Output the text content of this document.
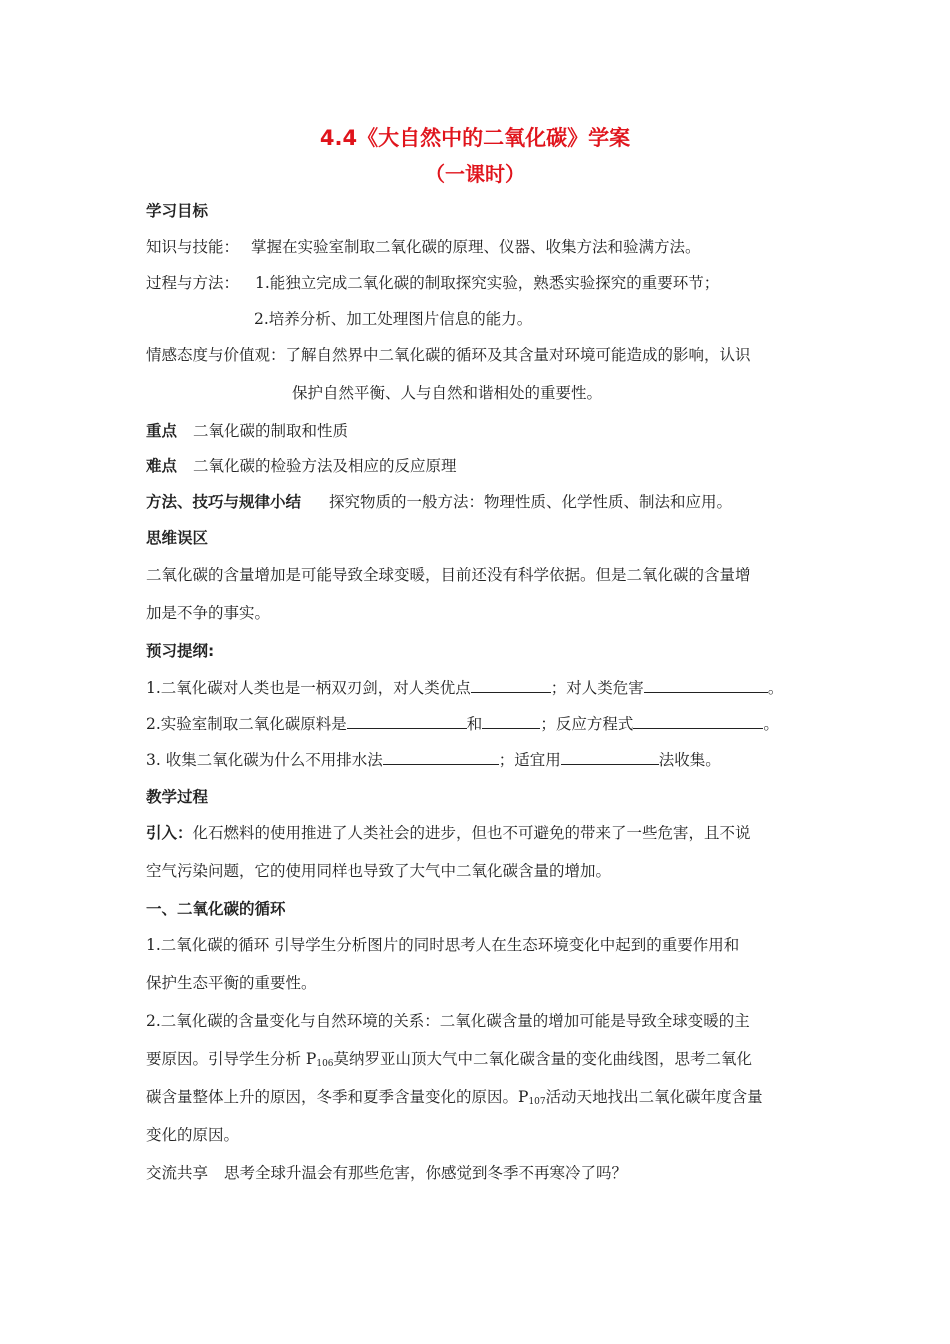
4.4《大自然中的二氧化碳》学案
（一课时）
学习目标
知识与技能： 掌握在实验室制取二氧化碳的原理、仪器、收集方法和验满方法。
过程与方法： 1.能独立完成二氧化碳的制取探究实验，熟悉实验探究的重要环节；
2.培养分析、加工处理图片信息的能力。
情感态度与价值观：了解自然界中二氧化碳的循环及其含量对环境可能造成的影响，认识
保护自然平衡、人与自然和谐相处的重要性。
重点 二氧化碳的制取和性质
难点 二氧化碳的检验方法及相应的反应原理
方法、技巧与规律小结 探究物质的一般方法：物理性质、化学性质、制法和应用。
思维误区
二氧化碳的含量增加是可能导致全球变暖，目前还没有科学依据。但是二氧化碳的含量增
加是不争的事实。
预习提纲:
1.二氧化碳对人类也是一柄双刃剑，对人类优点	；对人类危害	。
2.实验室制取二氧化碳原料是	和	；反应方程式	。
3. 收集二氧化碳为什么不用排水法	；适宜用	法收集。
教学过程
引入：化石燃料的使用推进了人类社会的进步，但也不可避免的带来了一些危害，且不说
空气污染问题，它的使用同样也导致了大气中二氧化碳含量的增加。
一、二氧化碳的循环
1.二氧化碳的循环 引导学生分析图片的同时思考人在生态环境变化中起到的重要作用和
保护生态平衡的重要性。
2.二氧化碳的含量变化与自然环境的关系：二氧化碳含量的增加可能是导致全球变暖的主
要原因。引导学生分析 $P_{106}$莫纳罗亚山顶大气中二氧化碳含量的变化曲线图，思考二氧化
碳含量整体上升的原因，冬季和夏季含量变化的原因。$P_{107}$活动天地找出二氧化碳年度含量
变化的原因。
交流共享 思考全球升温会有那些危害，你感觉到冬季不再寒冷了吗？
